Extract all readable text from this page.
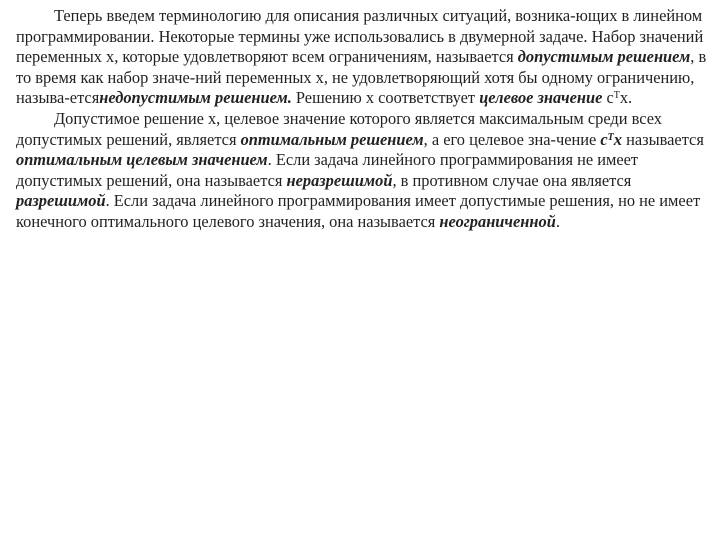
Теперь введем терминологию для описания различных ситуаций, возника-ющих в линейном программировании. Некоторые термины уже использовались в двумерной задаче. Набор значений переменных x, которые удовлетворяют всем ограничениям, называется допустимым решением, в то время как набор значе-ний переменных x, не удовлетворяющий хотя бы одному ограничению, называ-етсянедопустимым решением. Решению x соответствует целевое значение $c^Tx$.

Допустимое решение x, целевое значение которого является максимальным среди всех допустимых решений, является оптимальным решением, а его целевое зна-чение $c^Tx$ называется оптимальным целевым значением. Если задача линейного программирования не имеет допустимых решений, она называется неразрешимой, в противном случае она является разрешимой. Если задача линейного программирования имеет допустимые решения, но не имеет конечного оптимального целевого значения, она называется неограниченной.
